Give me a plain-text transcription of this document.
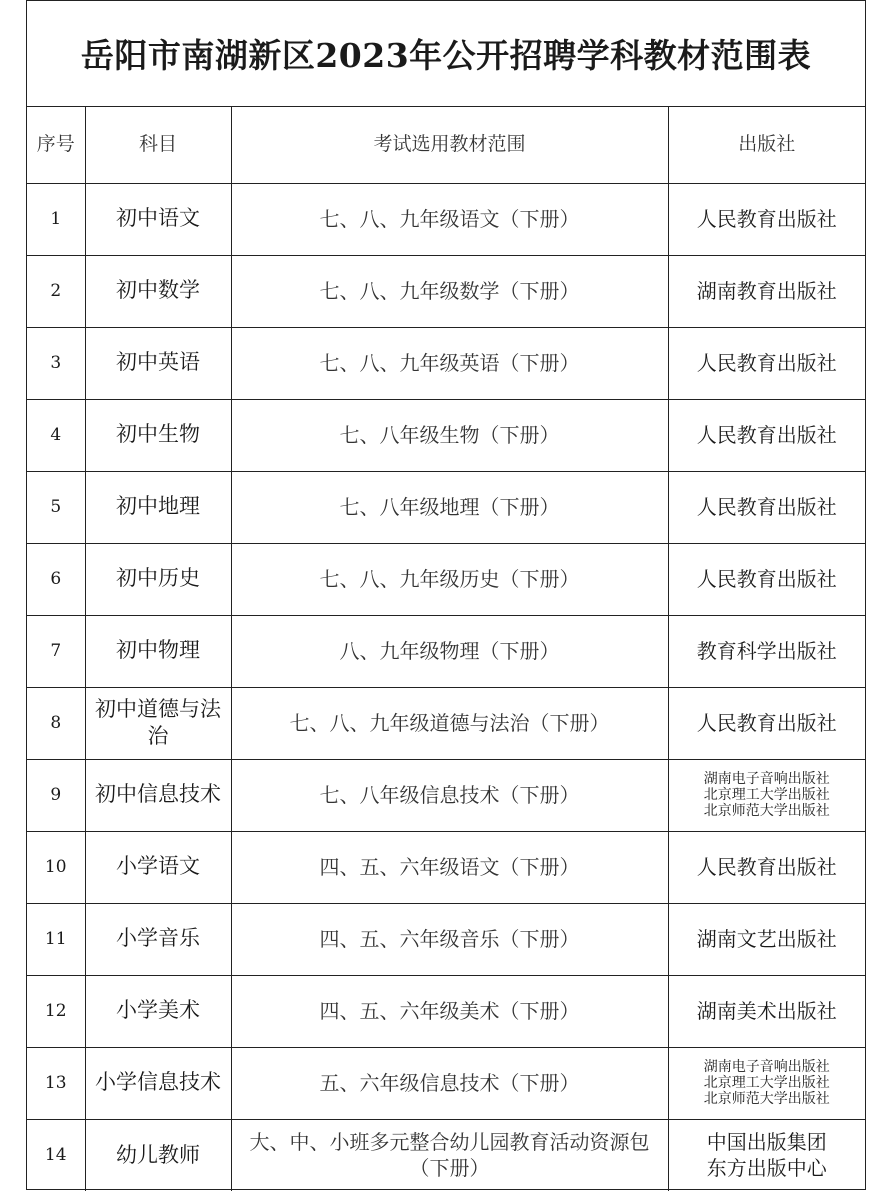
岳阳市南湖新区2023年公开招聘学科教材范围表
序号	科目	考试选用教材范围	出版社
1	初中语文	七、八、九年级语文（下册）	人民教育出版社

2	初中数学	七、八、九年级数学（下册）	湖南教育出版社

3	初中英语	七、八、九年级英语（下册）	人民教育出版社

4	初中生物	七、八年级生物（下册）	人民教育出版社

5	初中地理	七、八年级地理（下册）	人民教育出版社

6	初中历史	七、八、九年级历史（下册）	人民教育出版社

7	初中物理	八、九年级物理（下册）	教育科学出版社

8	初中道德与法治	七、八、九年级道德与法治（下册）	人民教育出版社

9	初中信息技术	七、八年级信息技术（下册）	湖南电子音响出版社
北京理工大学出版社
北京师范大学出版社

10	小学语文	四、五、六年级语文（下册）	人民教育出版社

11	小学音乐	四、五、六年级音乐（下册）	湖南文艺出版社

12	小学美术	四、五、六年级美术（下册）	湖南美术出版社

13	小学信息技术	五、六年级信息技术（下册）	湖南电子音响出版社
北京理工大学出版社
北京师范大学出版社

14	幼儿教师	大、中、小班多元整合幼儿园教育活动资源包（下册）	中国出版集团
东方出版中心
